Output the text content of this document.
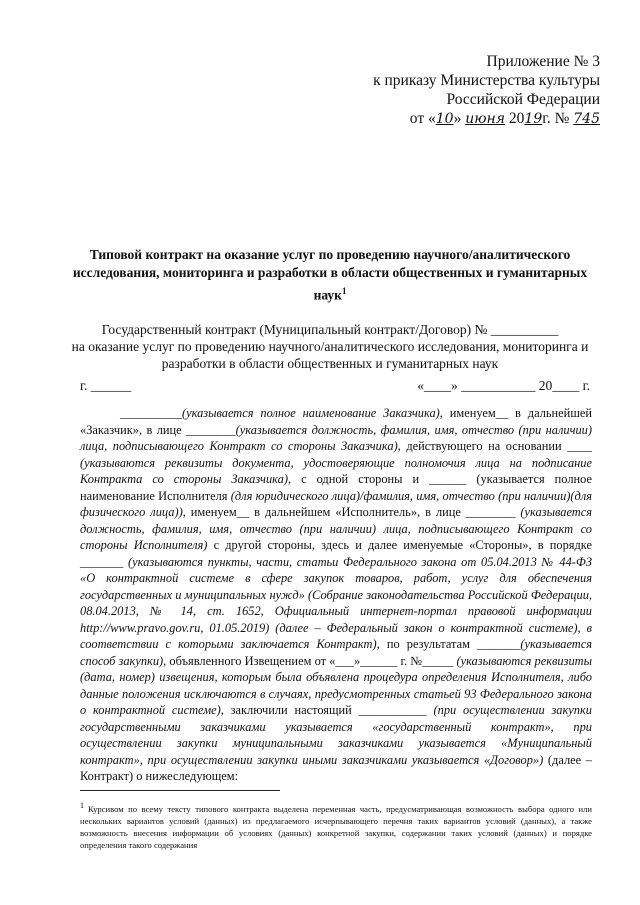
Приложение № 3
к приказу Министерства культуры
Российской Федерации
от «10» июня 2019г. № 745
Типовой контракт на оказание услуг по проведению научного/аналитического исследования, мониторинга и разработки в области общественных и гуманитарных наук$^1$
Государственный контракт (Муниципальный контракт/Договор) № __________
на оказание услуг по проведению научного/аналитического исследования, мониторинга и
разработки в области общественных и гуманитарных наук
г. ______	«____» ___________ 20____ г.
__________(указывается полное наименование Заказчика), именуем__ в дальнейшей «Заказчик», в лице ________(указывается должность, фамилия, имя, отчество (при наличии) лица, подписывающего Контракт со стороны Заказчика), действующего на основании ____ (указываются реквизиты документа, удостоверяющие полномочия лица на подписание Контракта со стороны Заказчика), с одной стороны и ______ (указывается полное наименование Исполнителя (для юридического лица)/фамилия, имя, отчество (при наличии)(для физического лица)), именуем__ в дальнейшем «Исполнитель», в лице ________ (указывается должность, фамилия, имя, отчество (при наличии) лица, подписывающего Контракт со стороны Исполнителя) с другой стороны, здесь и далее именуемые «Стороны», в порядке _______ (указываются пункты, части, статьи Федерального закона от 05.04.2013 № 44-ФЗ «О контрактной системе в сфере закупок товаров, работ, услуг для обеспечения государственных и муниципальных нужд» (Собрание законодательства Российской Федерации, 08.04.2013, № 14, ст. 1652, Официальный интернет-портал правовой информации http://www.pravo.gov.ru, 01.05.2019) (далее – Федеральный закон о контрактной системе), в соответствии с которыми заключается Контракт), по результатам _______(указывается способ закупки), объявленного Извещением от «___»______ г. №_____ (указываются реквизиты (дата, номер) извещения, которым была объявлена процедура определения Исполнителя, либо данные положения исключаются в случаях, предусмотренных статьей 93 Федерального закона о контрактной системе), заключили настоящий ___________ (при осуществлении закупки государственными заказчиками указывается «государственный контракт», при осуществлении закупки муниципальными заказчиками указывается «Муниципальный контракт», при осуществлении закупки иными заказчиками указывается «Договор») (далее – Контракт) о нижеследующем:
$^1$ Курсивом по всему тексту типового контракта выделена переменная часть, предусматривающая возможность выбора одного или нескольких вариантов условий (данных) из предлагаемого исчерпывающего перечня таких вариантов условий (данных), а также возможность внесения информации об условиях (данных) конкретной закупки, содержании таких условий (данных) и порядке определения такого содержания
